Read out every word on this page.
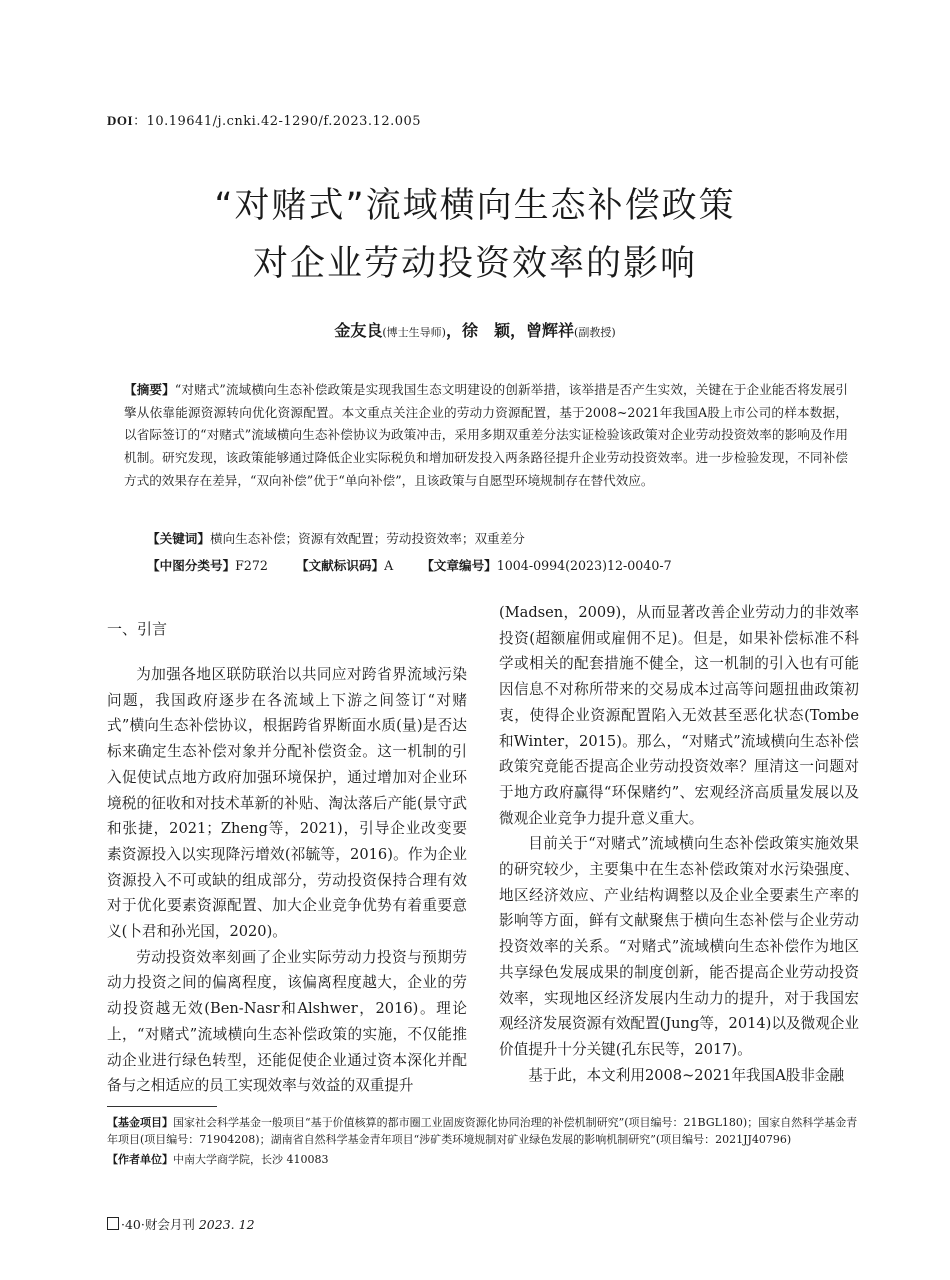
DOI：10.19641/j.cnki.42-1290/f.2023.12.005
“对赌式”流域横向生态补偿政策
对企业劳动投资效率的影响
金友良(博士生导师)，徐　颖，曾辉祥(副教授)
【摘要】“对赌式”流域横向生态补偿政策是实现我国生态文明建设的创新举措，该举措是否产生实效，关键在于企业能否将发展引擎从依靠能源资源转向优化资源配置。本文重点关注企业的劳动力资源配置，基于2008~2021年我国A股上市公司的样本数据，以省际签订的“对赌式”流域横向生态补偿协议为政策冲击，采用多期双重差分法实证检验该政策对企业劳动投资效率的影响及作用机制。研究发现，该政策能够通过降低企业实际税负和增加研发投入两条路径提升企业劳动投资效率。进一步检验发现，不同补偿方式的效果存在差异，“双向补偿”优于“单向补偿”，且该政策与自愿型环境规制存在替代效应。
【关键词】横向生态补偿；资源有效配置；劳动投资效率；双重差分
【中图分类号】F272 【文献标识码】A 【文章编号】1004-0994(2023)12-0040-7
一、引言

为加强各地区联防联治以共同应对跨省界流域污染问题，我国政府逐步在各流域上下游之间签订“对赌式”横向生态补偿协议，根据跨省界断面水质(量)是否达标来确定生态补偿对象并分配补偿资金。这一机制的引入促使试点地方政府加强环境保护，通过增加对企业环境税的征收和对技术革新的补贴、淘汰落后产能(景守武和张捷，2021；Zheng等，2021)，引导企业改变要素资源投入以实现降污增效(祁毓等，2016)。作为企业资源投入不可或缺的组成部分，劳动投资保持合理有效对于优化要素资源配置、加大企业竞争优势有着重要意义(卜君和孙光国，2020)。

劳动投资效率刻画了企业实际劳动力投资与预期劳动力投资之间的偏离程度，该偏离程度越大，企业的劳动投资越无效(Ben-Nasr和Alshwer，2016)。理论上，“对赌式”流域横向生态补偿政策的实施，不仅能推动企业进行绿色转型，还能促使企业通过资本深化并配备与之相适应的员工实现效率与效益的双重提升

(Madsen，2009)，从而显著改善企业劳动力的非效率投资(超额雇佣或雇佣不足)。但是，如果补偿标准不科学或相关的配套措施不健全，这一机制的引入也有可能因信息不对称所带来的交易成本过高等问题扭曲政策初衷，使得企业资源配置陷入无效甚至恶化状态(Tombe和Winter，2015)。那么，“对赌式”流域横向生态补偿政策究竟能否提高企业劳动投资效率？厘清这一问题对于地方政府赢得“环保赌约”、宏观经济高质量发展以及微观企业竞争力提升意义重大。

目前关于“对赌式”流域横向生态补偿政策实施效果的研究较少，主要集中在生态补偿政策对水污染强度、地区经济效应、产业结构调整以及企业全要素生产率的影响等方面，鲜有文献聚焦于横向生态补偿与企业劳动投资效率的关系。“对赌式”流域横向生态补偿作为地区共享绿色发展成果的制度创新，能否提高企业劳动投资效率，实现地区经济发展内生动力的提升，对于我国宏观经济发展资源有效配置(Jung等，2014)以及微观企业价值提升十分关键(孔东民等，2017)。

基于此，本文利用2008~2021年我国A股非金融

【基金项目】国家社会科学基金一般项目“基于价值核算的都市圈工业固废资源化协同治理的补偿机制研究”(项目编号：21BGL180)；国家自然科学基金青年项目(项目编号：71904208)；湖南省自然科学基金青年项目“涉矿类环境规制对矿业绿色发展的影响机制研究”(项目编号：2021JJ40796)
【作者单位】中南大学商学院，长沙 410083
·40·财会月刊 2023. 12
